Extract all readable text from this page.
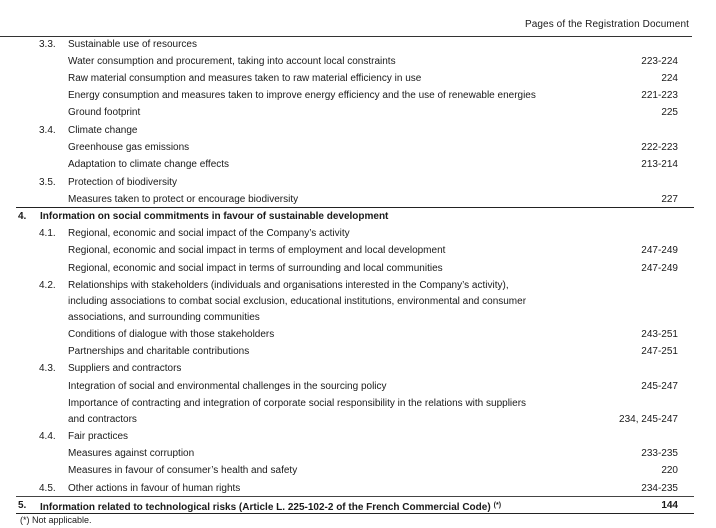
Pages of the Registration Document
3.3. Sustainable use of resources
Water consumption and procurement, taking into account local constraints	223-224
Raw material consumption and measures taken to raw material efficiency in use	224
Energy consumption and measures taken to improve energy efficiency and the use of renewable energies	221-223
Ground footprint	225
3.4. Climate change
Greenhouse gas emissions	222-223
Adaptation to climate change effects	213-214
3.5. Protection of biodiversity
Measures taken to protect or encourage biodiversity	227
4. Information on social commitments in favour of sustainable development
4.1. Regional, economic and social impact of the Company’s activity
Regional, economic and social impact in terms of employment and local development	247-249
Regional, economic and social impact in terms of surrounding and local communities	247-249
4.2. Relationships with stakeholders (individuals and organisations interested in the Company’s activity),
including associations to combat social exclusion, educational institutions, environmental and consumer
associations, and surrounding communities
Conditions of dialogue with those stakeholders	243-251
Partnerships and charitable contributions	247-251
4.3. Suppliers and contractors
Integration of social and environmental challenges in the sourcing policy	245-247
Importance of contracting and integration of corporate social responsibility in the relations with suppliers
and contractors	234, 245-247
4.4. Fair practices
Measures against corruption	233-235
Measures in favour of consumer’s health and safety	220
4.5. Other actions in favour of human rights	234-235
5. Information related to technological risks (Article L. 225-102-2 of the French Commercial Code) (*)	144
(*) Not applicable.
